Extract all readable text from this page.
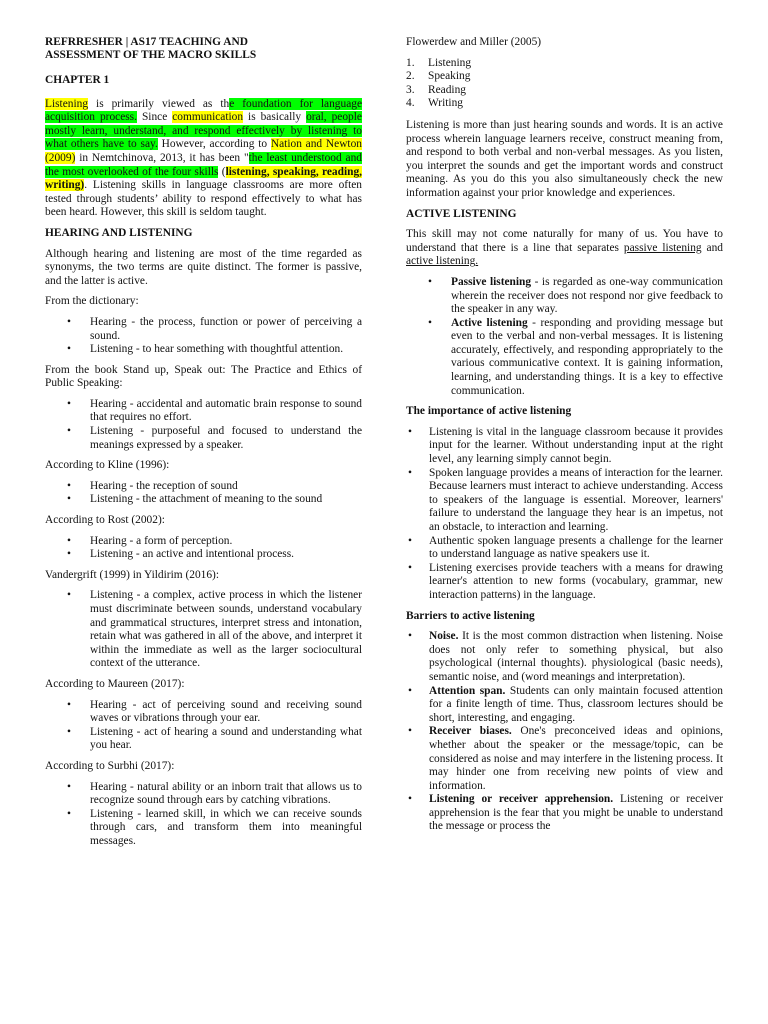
REFRRESHER | AS17 TEACHING AND
ASSESSMENT OF THE MACRO SKILLS
CHAPTER 1

Listening is primarily viewed as the foundation for language acquisition process. Since communication is basically oral, people mostly learn, understand, and respond effectively by listening to what others have to say. However, according to Nation and Newton (2009) in Nemtchinova, 2013, it has been "the least understood and the most overlooked of the four skills (listening, speaking, reading, writing). Listening skills in language classrooms are more often tested through students’ ability to respond effectively to what has been heard. However, this skill is seldom taught.

HEARING AND LISTENING

Although hearing and listening are most of the time regarded as synonyms, the two terms are quite distinct. The former is passive, and the latter is active.

From the dictionary:

• Hearing - the process, function or power of perceiving a sound.
• Listening - to hear something with thoughtful attention.

From the book Stand up, Speak out: The Practice and Ethics of Public Speaking:

• Hearing - accidental and automatic brain response to sound that requires no effort.
• Listening - purposeful and focused to understand the meanings expressed by a speaker.

According to Kline (1996):

• Hearing - the reception of sound
• Listening - the attachment of meaning to the sound

According to Rost (2002):

• Hearing - a form of perception.
• Listening - an active and intentional process.

Vandergrift (1999) in Yildirim (2016):

• Listening - a complex, active process in which the listener must discriminate between sounds, understand vocabulary and grammatical structures, interpret stress and intonation, retain what was gathered in all of the above, and interpret it within the immediate as well as the larger sociocultural context of the utterance.

According to Maureen (2017):

• Hearing - act of perceiving sound and receiving sound waves or vibrations through your ear.
• Listening - act of hearing a sound and understanding what you hear.

According to Surbhi (2017):

• Hearing - natural ability or an inborn trait that allows us to recognize sound through ears by catching vibrations.
• Listening - learned skill, in which we can receive sounds through cars, and transform them into meaningful messages.

Flowerdew and Miller (2005)

1. Listening
2. Speaking
3. Reading
4. Writing

Listening is more than just hearing sounds and words. It is an active process wherein language learners receive, construct meaning from, and respond to both verbal and non-verbal messages. As you listen, you interpret the sounds and get the important words and construct meaning. As you do this you also simultaneously check the new information against your prior knowledge and experiences.

ACTIVE LISTENING

This skill may not come naturally for many of us. You have to understand that there is a line that separates passive listening and active listening.

• Passive listening - is regarded as one-way communication wherein the receiver does not respond nor give feedback to the speaker in any way.
• Active listening - responding and providing message but even to the verbal and non-verbal messages. It is listening accurately, effectively, and responding appropriately to the various communicative context. It is gaining information, learning, and understanding things. It is a key to effective communication.
The importance of active listening
• Listening is vital in the language classroom because it provides input for the learner. Without understanding input at the right level, any learning simply cannot begin.
• Spoken language provides a means of interaction for the learner. Because learners must interact to achieve understanding. Access to speakers of the language is essential. Moreover, learners' failure to understand the language they hear is an impetus, not an obstacle, to interaction and learning.
• Authentic spoken language presents a challenge for the learner to understand language as native speakers use it.
• Listening exercises provide teachers with a means for drawing learner's attention to new forms (vocabulary, grammar, new interaction patterns) in the language.
Barriers to active listening
• Noise. It is the most common distraction when listening. Noise does not only refer to something physical, but also psychological (internal thoughts). physiological (basic needs), semantic noise, and (word meanings and interpretation).
• Attention span. Students can only maintain focused attention for a finite length of time. Thus, classroom lectures should be short, interesting, and engaging.
• Receiver biases. One's preconceived ideas and opinions, whether about the speaker or the message/topic, can be considered as noise and may interfere in the listening process. It may hinder one from receiving new points of view and information.
• Listening or receiver apprehension. Listening or receiver apprehension is the fear that you might be unable to understand the message or process the
